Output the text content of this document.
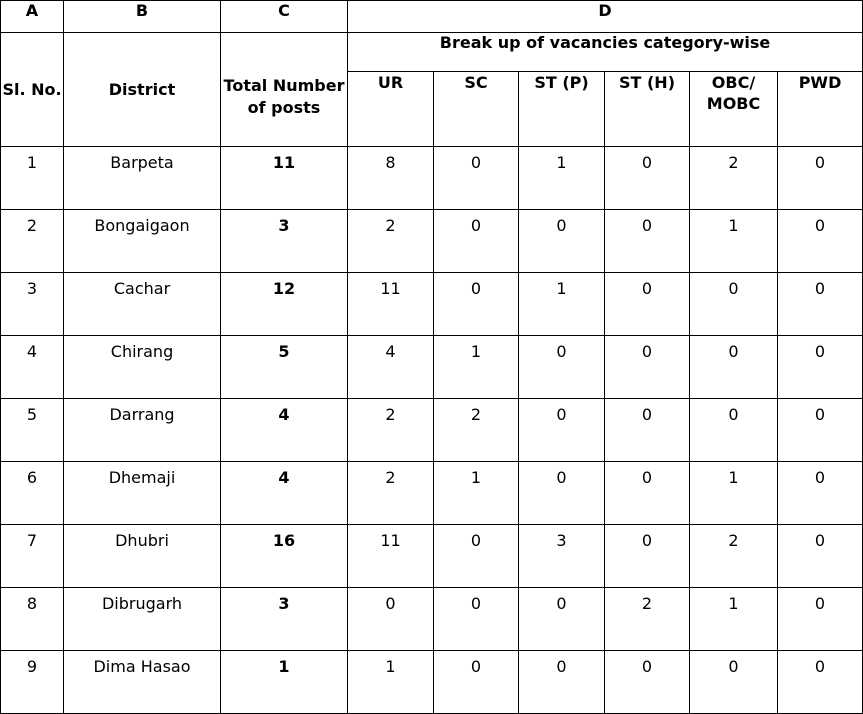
A	B	C	D					
Sl. No.	District	Total Number of posts	Break up of vacancies category-wise					
			UR	SC	ST (P)	ST (H)	OBC/ MOBC	PWD
1	Barpeta	11	8	0	1	0	2	0
2	Bongaigaon	3	2	0	0	0	1	0
3	Cachar	12	11	0	1	0	0	0
4	Chirang	5	4	1	0	0	0	0
5	Darrang	4	2	2	0	0	0	0
6	Dhemaji	4	2	1	0	0	1	0
7	Dhubri	16	11	0	3	0	2	0
8	Dibrugarh	3	0	0	0	2	1	0
9	Dima Hasao	1	1	0	0	0	0	0
